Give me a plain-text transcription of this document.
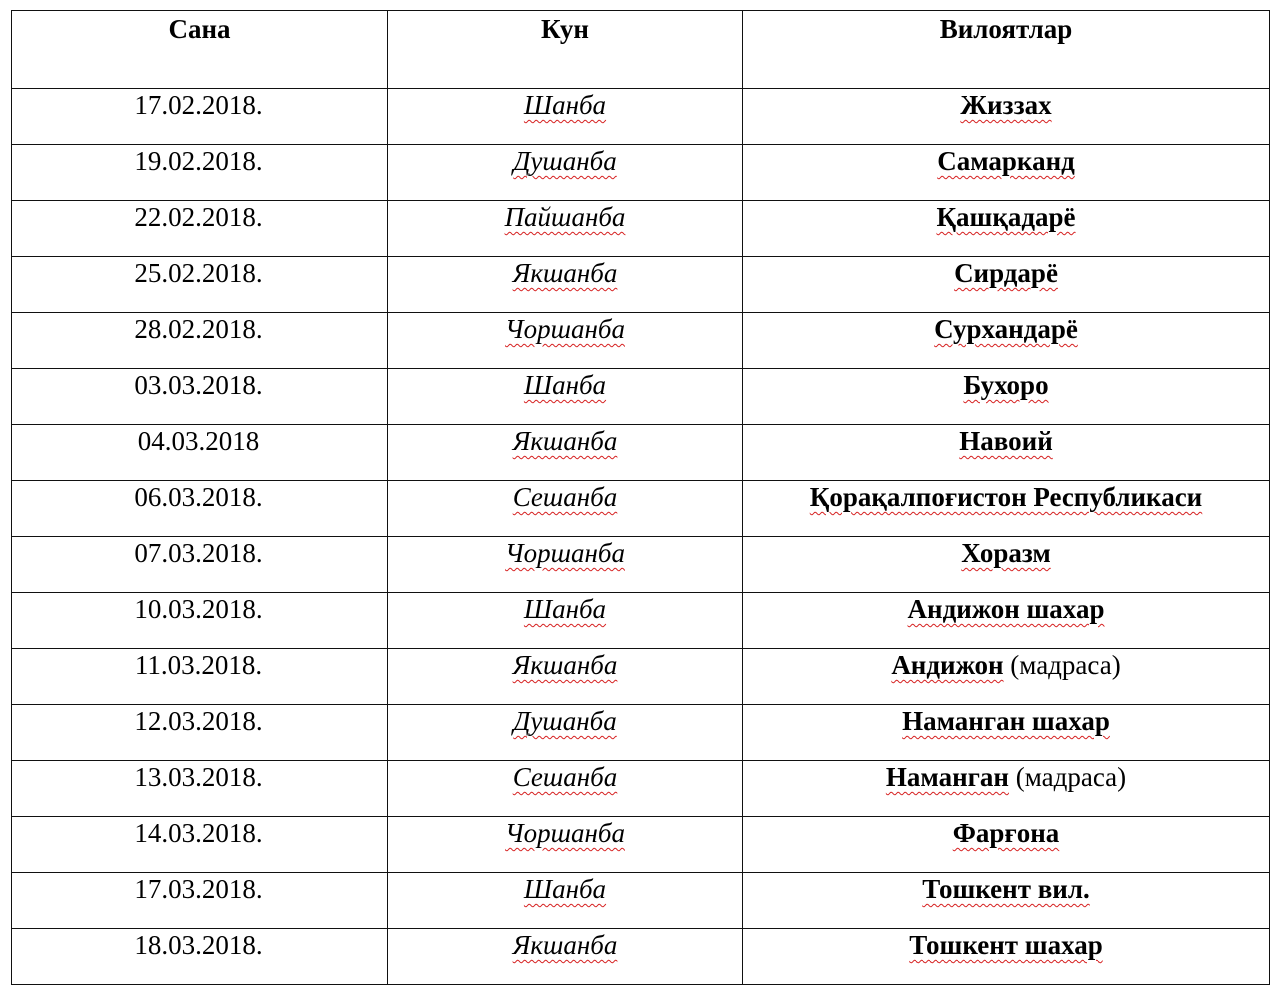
Сана	Кун	Вилоятлар
17.02.2018.	Шанба	Жиззах
19.02.2018.	Душанба	Самарканд
22.02.2018.	Пайшанба	Қашқадарё
25.02.2018.	Якшанба	Сирдарё
28.02.2018.	Чоршанба	Сурхандарё
03.03.2018.	Шанба	Бухоро
04.03.2018	Якшанба	Навоий
06.03.2018.	Сешанба	Қорақалпоғистон Республикаси
07.03.2018.	Чоршанба	Хоразм
10.03.2018.	Шанба	Андижон шахар
11.03.2018.	Якшанба	Андижон (мадраса)
12.03.2018.	Душанба	Наманган шахар
13.03.2018.	Сешанба	Наманган (мадраса)
14.03.2018.	Чоршанба	Фарғона
17.03.2018.	Шанба	Тошкент вил.
18.03.2018.	Якшанба	Тошкент шахар
